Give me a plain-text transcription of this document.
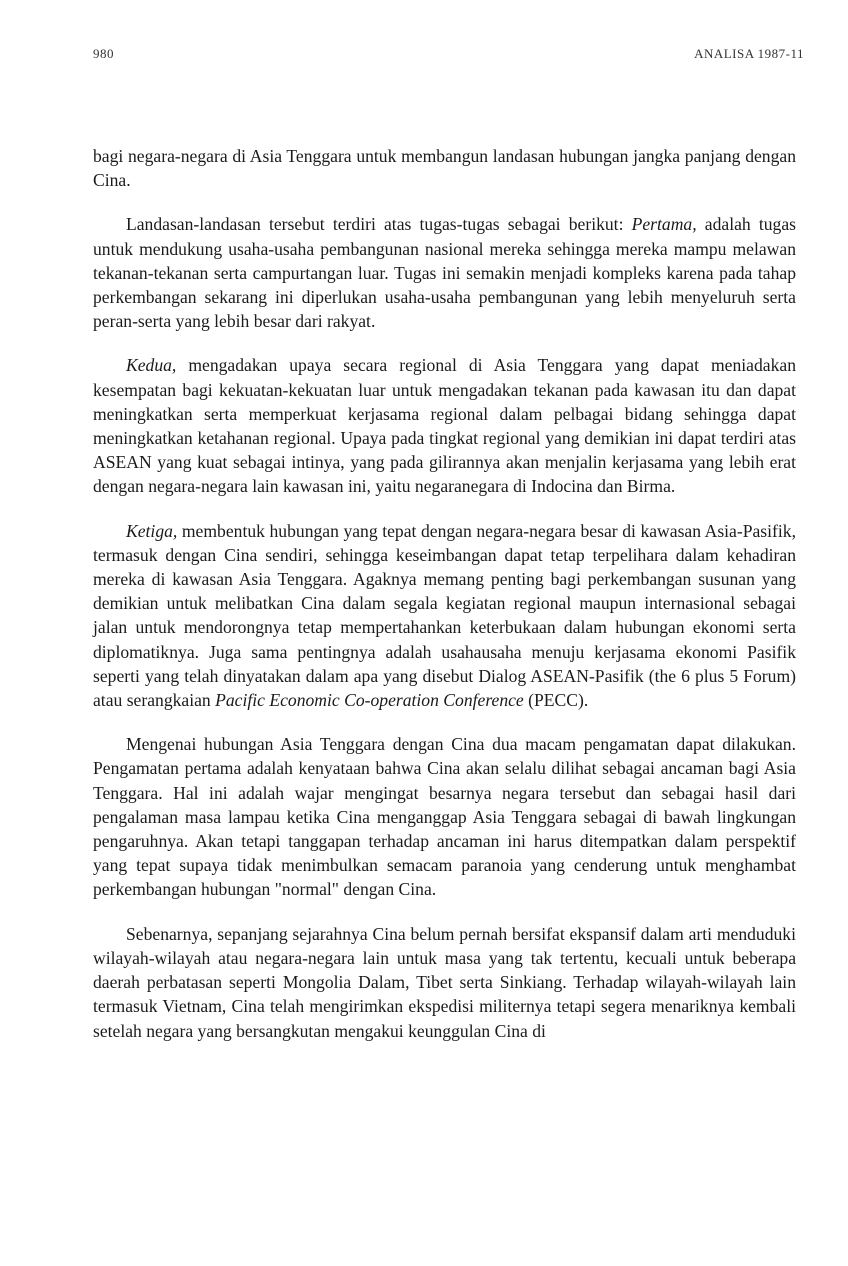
980	ANALISA 1987-11

bagi negara-negara di Asia Tenggara untuk membangun landasan hubungan jangka panjang dengan Cina.

Landasan-landasan tersebut terdiri atas tugas-tugas sebagai berikut: Pertama, adalah tugas untuk mendukung usaha-usaha pembangunan nasional mereka sehingga mereka mampu melawan tekanan-tekanan serta campurtangan luar. Tugas ini semakin menjadi kompleks karena pada tahap perkembangan sekarang ini diperlukan usaha-usaha pembangunan yang lebih menyeluruh serta peran-serta yang lebih besar dari rakyat.

Kedua, mengadakan upaya secara regional di Asia Tenggara yang dapat meniadakan kesempatan bagi kekuatan-kekuatan luar untuk mengadakan tekanan pada kawasan itu dan dapat meningkatkan serta memperkuat kerjasama regional dalam pelbagai bidang sehingga dapat meningkatkan ketahanan regional. Upaya pada tingkat regional yang demikian ini dapat terdiri atas ASEAN yang kuat sebagai intinya, yang pada gilirannya akan menjalin kerjasama yang lebih erat dengan negara-negara lain kawasan ini, yaitu negaranegara di Indocina dan Birma.

Ketiga, membentuk hubungan yang tepat dengan negara-negara besar di kawasan Asia-Pasifik, termasuk dengan Cina sendiri, sehingga keseimbangan dapat tetap terpelihara dalam kehadiran mereka di kawasan Asia Tenggara. Agaknya memang penting bagi perkembangan susunan yang demikian untuk melibatkan Cina dalam segala kegiatan regional maupun internasional sebagai jalan untuk mendorongnya tetap mempertahankan keterbukaan dalam hubungan ekonomi serta diplomatiknya. Juga sama pentingnya adalah usahausaha menuju kerjasama ekonomi Pasifik seperti yang telah dinyatakan dalam apa yang disebut Dialog ASEAN-Pasifik (the 6 plus 5 Forum) atau serangkaian Pacific Economic Co-operation Conference (PECC).

Mengenai hubungan Asia Tenggara dengan Cina dua macam pengamatan dapat dilakukan. Pengamatan pertama adalah kenyataan bahwa Cina akan selalu dilihat sebagai ancaman bagi Asia Tenggara. Hal ini adalah wajar mengingat besarnya negara tersebut dan sebagai hasil dari pengalaman masa lampau ketika Cina menganggap Asia Tenggara sebagai di bawah lingkungan pengaruhnya. Akan tetapi tanggapan terhadap ancaman ini harus ditempatkan dalam perspektif yang tepat supaya tidak menimbulkan semacam paranoia yang cenderung untuk menghambat perkembangan hubungan "normal" dengan Cina.

Sebenarnya, sepanjang sejarahnya Cina belum pernah bersifat ekspansif dalam arti menduduki wilayah-wilayah atau negara-negara lain untuk masa yang tak tertentu, kecuali untuk beberapa daerah perbatasan seperti Mongolia Dalam, Tibet serta Sinkiang. Terhadap wilayah-wilayah lain termasuk Vietnam, Cina telah mengirimkan ekspedisi militernya tetapi segera menariknya kembali setelah negara yang bersangkutan mengakui keunggulan Cina di
